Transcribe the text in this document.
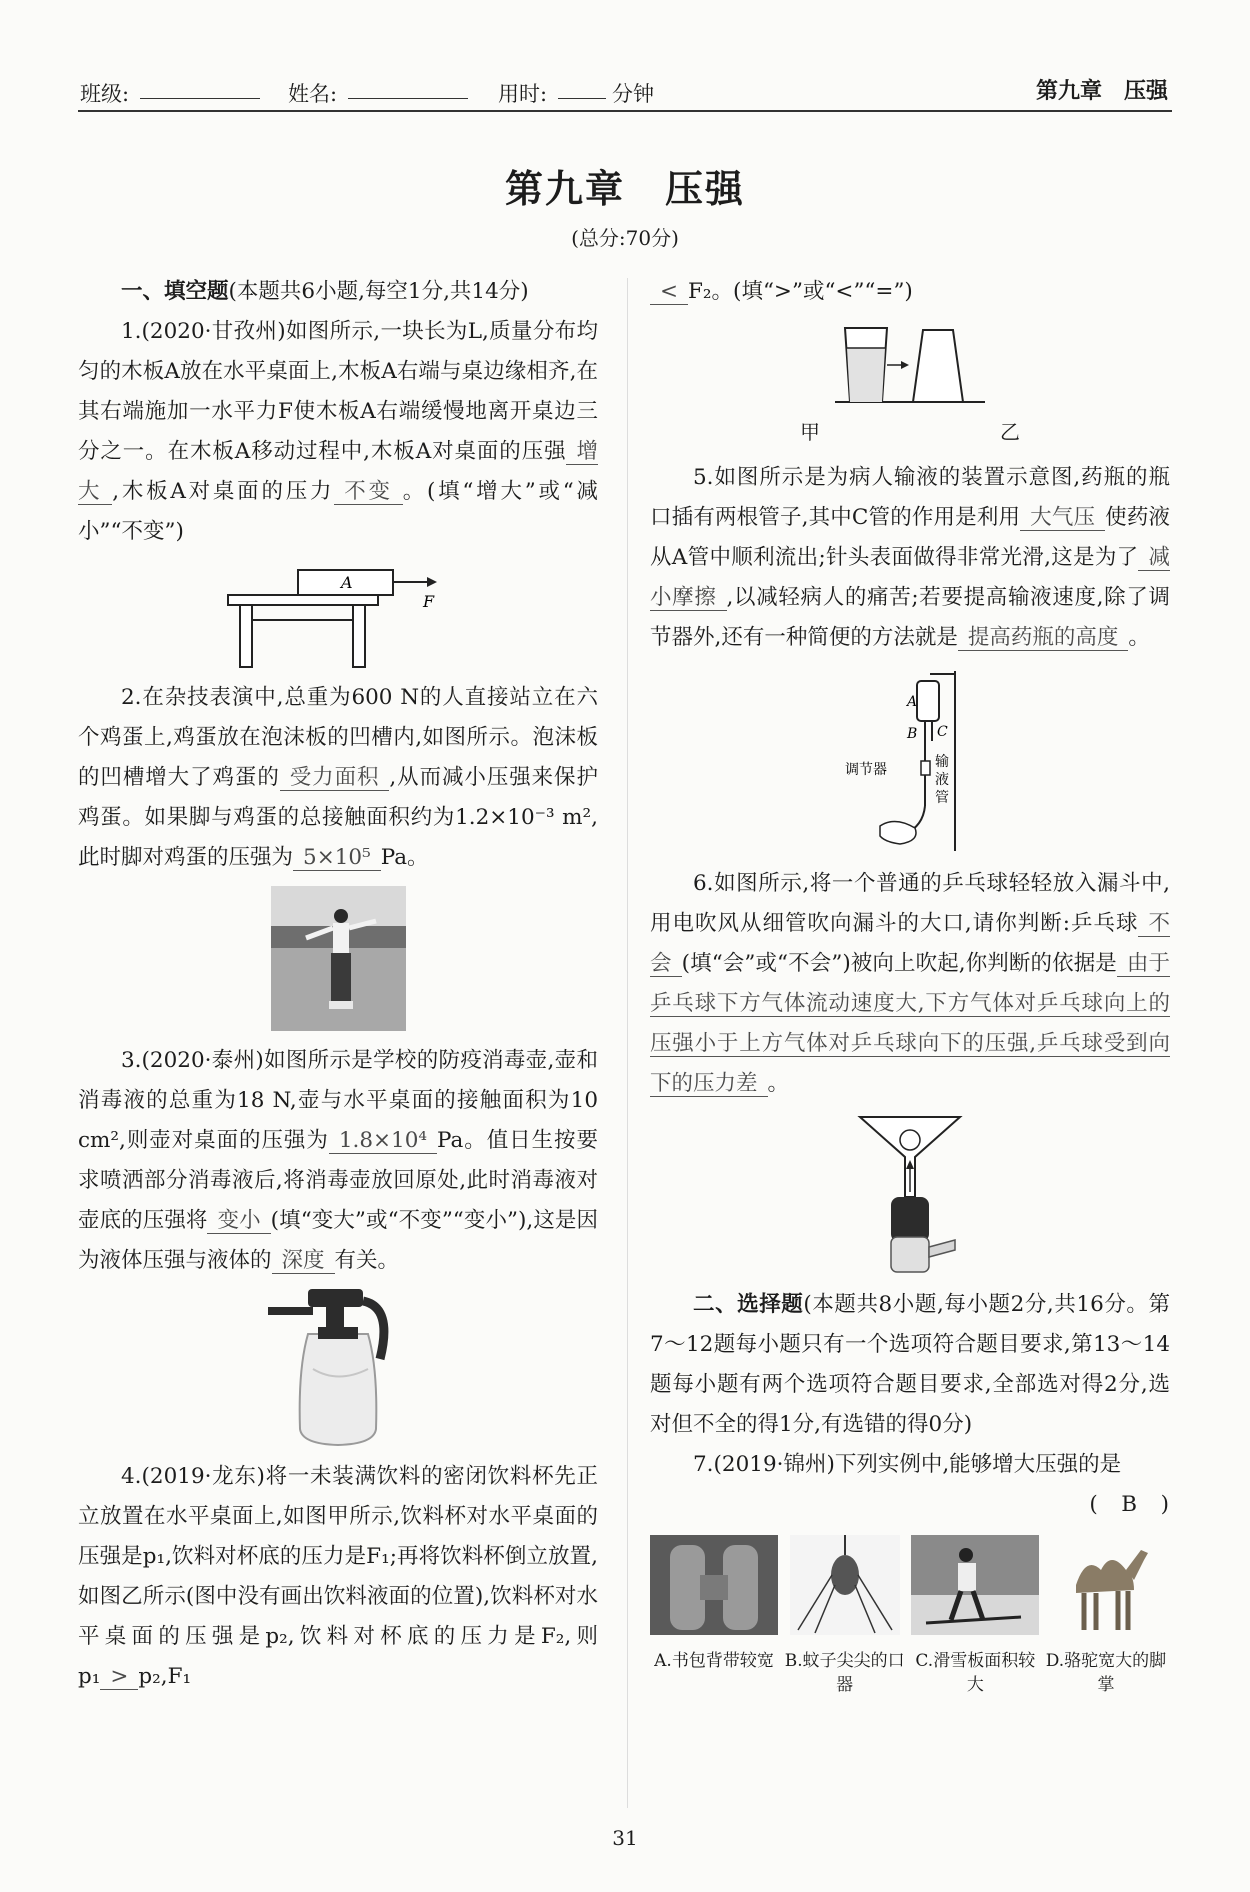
班级:	姓名:	用时:	分钟	第九章　压强
第九章　压强
(总分:70分)

一、填空题(本题共6小题,每空1分,共14分)

1.(2020·甘孜州)如图所示,一块长为L,质量分布均匀的木板A放在水平桌面上,木板A右端与桌边缘相齐,在其右端施加一水平力F使木板A右端缓慢地离开桌边三分之一。在木板A移动过程中,木板A对桌面的压强 增大 ,木板A对桌面的压力 不变 。(填“增大”或“减小”“不变”)

A
F

2.在杂技表演中,总重为600 N的人直接站立在六个鸡蛋上,鸡蛋放在泡沫板的凹槽内,如图所示。泡沫板的凹槽增大了鸡蛋的 受力面积 ,从而减小压强来保护鸡蛋。如果脚与鸡蛋的总接触面积约为1.2×10⁻³ m²,此时脚对鸡蛋的压强为 5×10⁵ Pa。

3.(2020·泰州)如图所示是学校的防疫消毒壶,壶和消毒液的总重为18 N,壶与水平桌面的接触面积为10 cm²,则壶对桌面的压强为 1.8×10⁴ Pa。值日生按要求喷洒部分消毒液后,将消毒壶放回原处,此时消毒液对壶底的压强将 变小 (填“变大”或“不变”“变小”),这是因为液体压强与液体的 深度 有关。

4.(2019·龙东)将一未装满饮料的密闭饮料杯先正立放置在水平桌面上,如图甲所示,饮料杯对水平桌面的压强是p₁,饮料对杯底的压力是F₁;再将饮料杯倒立放置,如图乙所示(图中没有画出饮料液面的位置),饮料杯对水平桌面的压强是p₂,饮料对杯底的压力是F₂,则p₁ > p₂,F₁

< F₂。(填“>”或“<”“=”)

甲	乙

5.如图所示是为病人输液的装置示意图,药瓶的瓶口插有两根管子,其中C管的作用是利用 大气压 使药液从A管中顺利流出;针头表面做得非常光滑,这是为了 减小摩擦 ,以减轻病人的痛苦;若要提高输液速度,除了调节器外,还有一种简便的方法就是 提高药瓶的高度 。

A
B C
调节器	输液管

6.如图所示,将一个普通的乒乓球轻轻放入漏斗中,用电吹风从细管吹向漏斗的大口,请你判断:乒乓球 不会 (填“会”或“不会”)被向上吹起,你判断的依据是 由于乒乓球下方气体流动速度大,下方气体对乒乓球向上的压强小于上方气体对乒乓球向下的压强,乒乓球受到向下的压力差 。

二、选择题(本题共8小题,每小题2分,共16分。第7～12题每小题只有一个选项符合题目要求,第13～14题每小题有两个选项符合题目要求,全部选对得2分,选对但不全的得1分,有选错的得0分)

7.(2019·锦州)下列实例中,能够增大压强的是

(　B　)

A.书包背带较宽 B.蚊子尖尖的口器
C.滑雪板面积较大
D.骆驼宽大的脚掌
31
